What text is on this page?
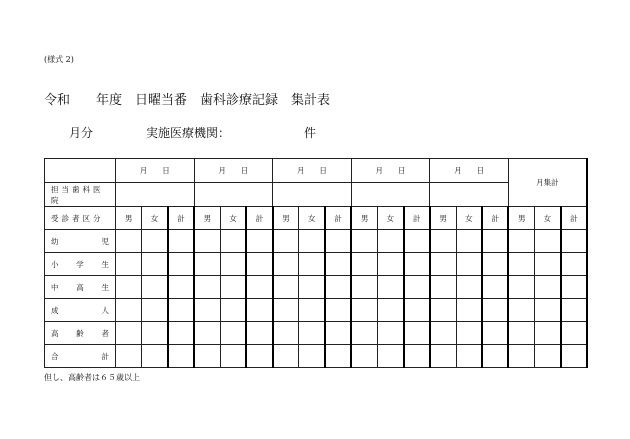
(様式 2)
令和　　年度　日曜当番　歯科診療記録　集計表
月分	実施医療機関：	件
	月　　日			月　　日			月　　日			月　　日			月　　日			月集計		

担当歯科医院																		

受診者区分	男	女	計	男	女	計	男	女	計	男	女	計	男	女	計	男	女	計

幼 児																		

小 学 生																		

中 高 生																		

成 人																		

高 齢 者																		

合 計																		

但し、高齢者は６５歳以上
